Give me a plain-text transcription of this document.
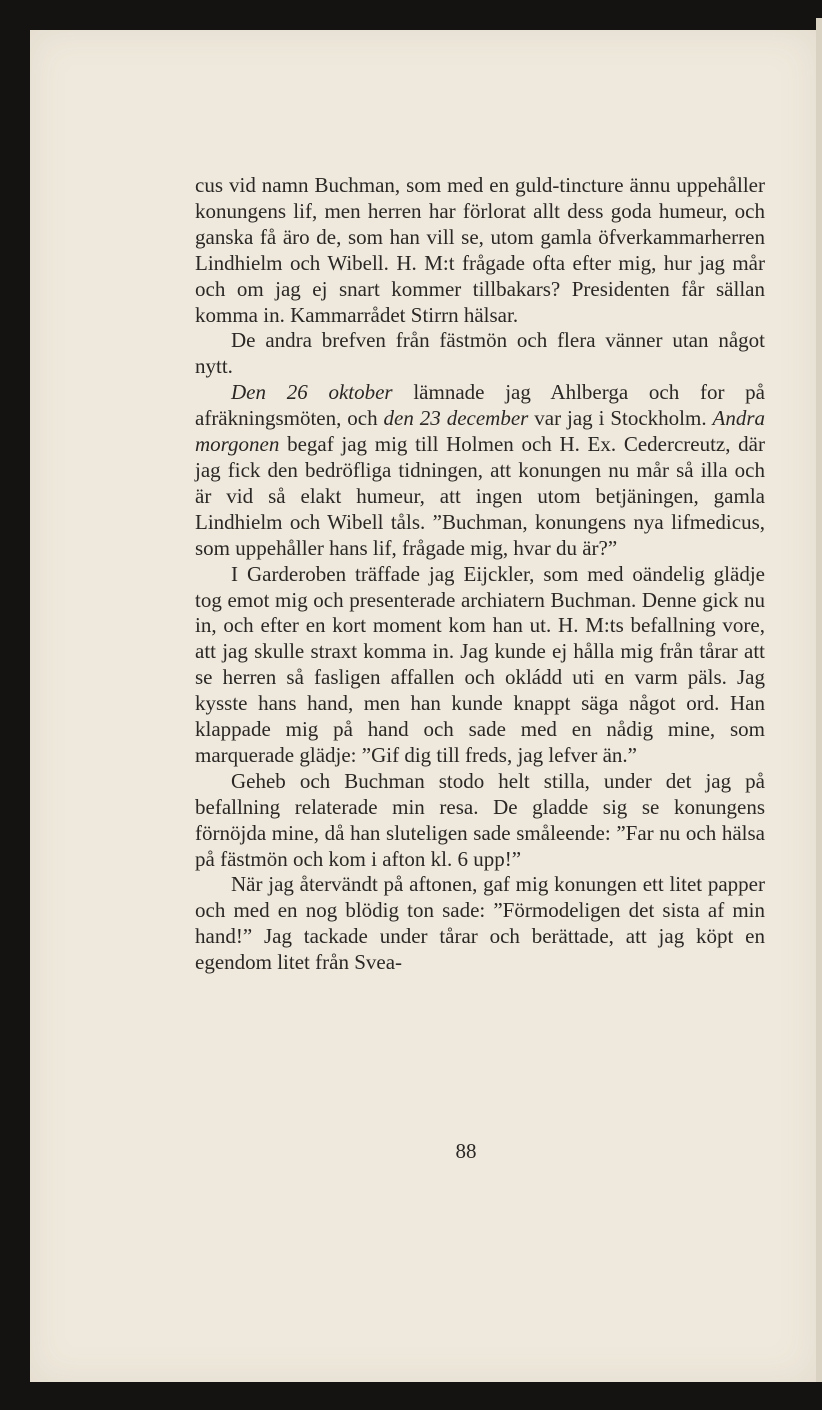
cus vid namn Buchman, som med en guld-tincture ännu uppehåller konungens lif, men herren har förlorat allt dess goda humeur, och ganska få äro de, som han vill se, utom gamla öfverkammarherren Lindhielm och Wibell. H. M:t frågade ofta efter mig, hur jag mår och om jag ej snart kommer tillbakars? Presidenten får sällan komma in. Kammarrådet Stirrn hälsar.

De andra brefven från fästmön och flera vänner utan något nytt.

Den 26 oktober lämnade jag Ahlberga och for på afräkningsmöten, och den 23 december var jag i Stockholm. Andra morgonen begaf jag mig till Holmen och H. Ex. Cedercreutz, där jag fick den bedröfliga tidningen, att konungen nu mår så illa och är vid så elakt humeur, att ingen utom betjäningen, gamla Lindhielm och Wibell tåls. ”Buchman, konungens nya lifmedicus, som uppehåller hans lif, frågade mig, hvar du är?”

I Garderoben träffade jag Eijckler, som med oändelig glädje tog emot mig och presenterade archiatern Buchman. Denne gick nu in, och efter en kort moment kom han ut. H. M:ts befallning vore, att jag skulle straxt komma in. Jag kunde ej hålla mig från tårar att se herren så fasligen affallen och okládd uti en varm päls. Jag kysste hans hand, men han kunde knappt säga något ord. Han klappade mig på hand och sade med en nådig mine, som marquerade glädje: ”Gif dig till freds, jag lefver än.”

Geheb och Buchman stodo helt stilla, under det jag på befallning relaterade min resa. De gladde sig se konungens förnöjda mine, då han sluteligen sade småleende: ”Far nu och hälsa på fästmön och kom i afton kl. 6 upp!”

När jag återvändt på aftonen, gaf mig konungen ett litet papper och med en nog blödig ton sade: ”Förmodeligen det sista af min hand!” Jag tackade under tårar och berättade, att jag köpt en egendom litet från Svea-

88
